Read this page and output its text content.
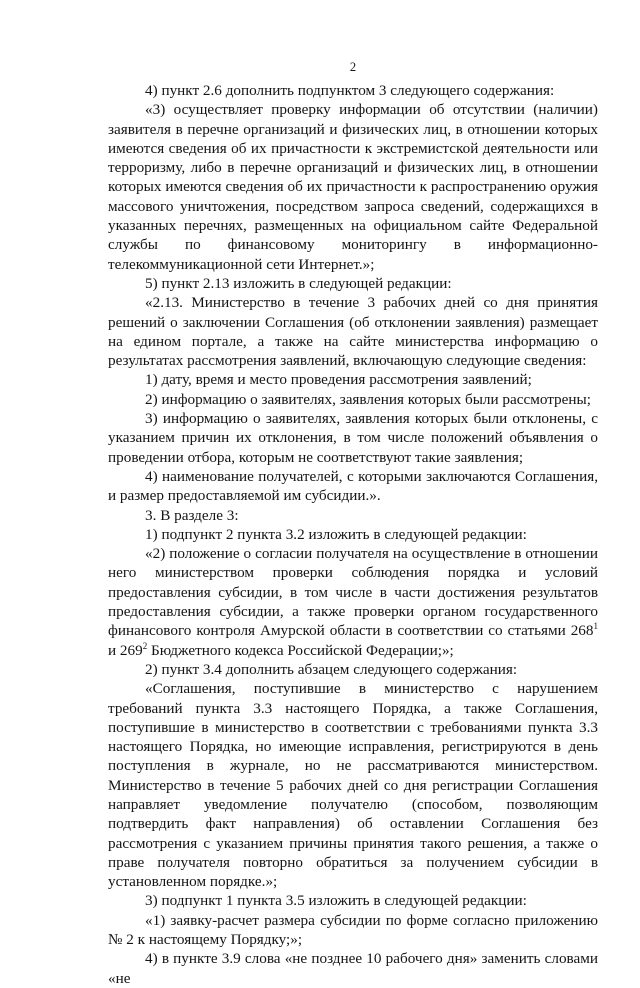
2

4) пункт 2.6 дополнить подпунктом 3 следующего содержания:

«3) осуществляет проверку информации об отсутствии (наличии) заявителя в перечне организаций и физических лиц, в отношении которых имеются сведения об их причастности к экстремистской деятельности или терроризму, либо в перечне организаций и физических лиц, в отношении которых имеются сведения об их причастности к распространению оружия массового уничтожения, посредством запроса сведений, содержащихся в указанных перечнях, размещенных на официальном сайте Федеральной службы по финансовому мониторингу в информационно-телекоммуникационной сети Интернет.»;

5) пункт 2.13 изложить в следующей редакции:

«2.13. Министерство в течение 3 рабочих дней со дня принятия решений о заключении Соглашения (об отклонении заявления) размещает на едином портале, а также на сайте министерства информацию о результатах рассмотрения заявлений, включающую следующие сведения:

1) дату, время и место проведения рассмотрения заявлений;

2) информацию о заявителях, заявления которых были рассмотрены;

3) информацию о заявителях, заявления которых были отклонены, с указанием причин их отклонения, в том числе положений объявления о проведении отбора, которым не соответствуют такие заявления;

4) наименование получателей, с которыми заключаются Соглашения, и размер предоставляемой им субсидии.».

3. В разделе 3:

1) подпункт 2 пункта 3.2 изложить в следующей редакции:

«2) положение о согласии получателя на осуществление в отношении него министерством проверки соблюдения порядка и условий предоставления субсидии, в том числе в части достижения результатов предоставления субсидии, а также проверки органом государственного финансового контроля Амурской области в соответствии со статьями $268^1$ и $269^2$ Бюджетного кодекса Российской Федерации;»;

2) пункт 3.4 дополнить абзацем следующего содержания:

«Соглашения, поступившие в министерство с нарушением требований пункта 3.3 настоящего Порядка, а также Соглашения, поступившие в министерство в соответствии с требованиями пункта 3.3 настоящего Порядка, но имеющие исправления, регистрируются в день поступления в журнале, но не рассматриваются министерством. Министерство в течение 5 рабочих дней со дня регистрации Соглашения направляет уведомление получателю (способом, позволяющим подтвердить факт направления) об оставлении Соглашения без рассмотрения с указанием причины принятия такого решения, а также о праве получателя повторно обратиться за получением субсидии в установленном порядке.»;

3) подпункт 1 пункта 3.5 изложить в следующей редакции:

«1) заявку-расчет размера субсидии по форме согласно приложению № 2 к настоящему Порядку;»;

4) в пункте 3.9 слова «не позднее 10 рабочего дня» заменить словами «не
